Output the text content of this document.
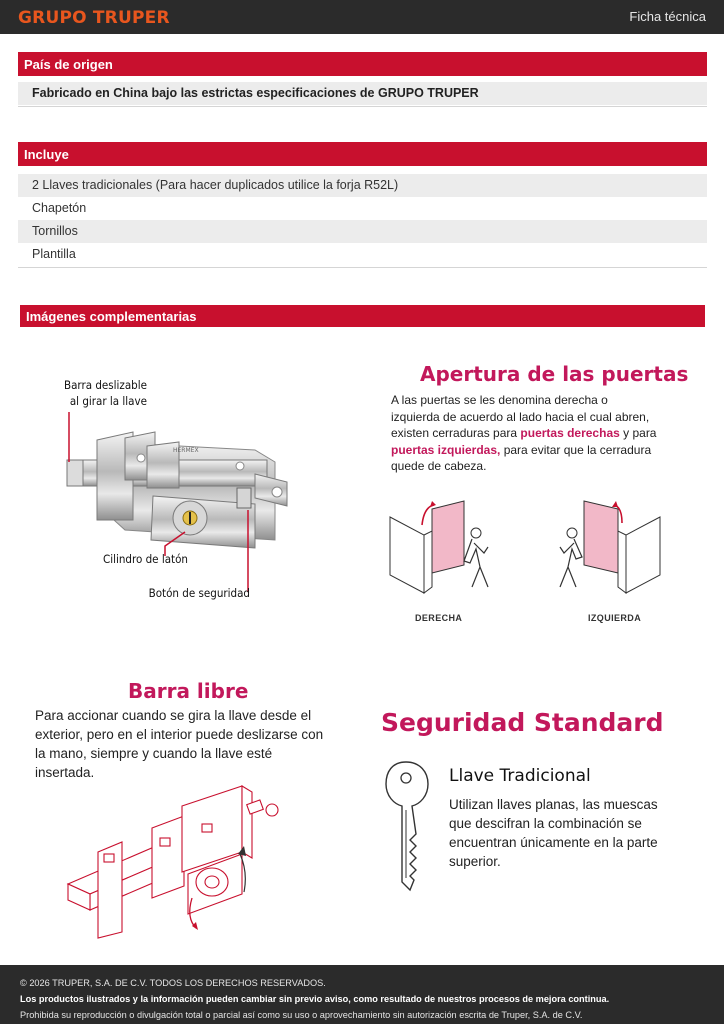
GRUPO TRUPER	Ficha técnica
País de origen
Fabricado en China bajo las estrictas especificaciones de GRUPO TRUPER
Incluye
2 Llaves tradicionales (Para hacer duplicados utilice la forja R52L)
Chapetón
Tornillos
Plantilla
Imágenes complementarias
HERMEX
Barra deslizable
al girar la llave
Cilindro de latón
Botón de seguridad
Apertura de las puertas
A las puertas se les denomina derecha o izquierda de acuerdo al lado hacia el cual abren, existen cerraduras para puertas derechas y para puertas izquierdas, para evitar que la cerradura quede de cabeza.
DERECHA	IZQUIERDA
Barra libre
Para accionar cuando se gira la llave desde el exterior, pero en el interior puede deslizarse con la mano, siempre y cuando la llave esté insertada.
Seguridad Standard
Llave Tradicional
Utilizan llaves planas, las muescas que descifran la combinación se encuentran únicamente en la parte superior.
© 2026 TRUPER, S.A. DE C.V. TODOS LOS DERECHOS RESERVADOS.
Los productos ilustrados y la información pueden cambiar sin previo aviso, como resultado de nuestros procesos de mejora continua.
Prohibida su reproducción o divulgación total o parcial así como su uso o aprovechamiento sin autorización escrita de Truper, S.A. de C.V.
